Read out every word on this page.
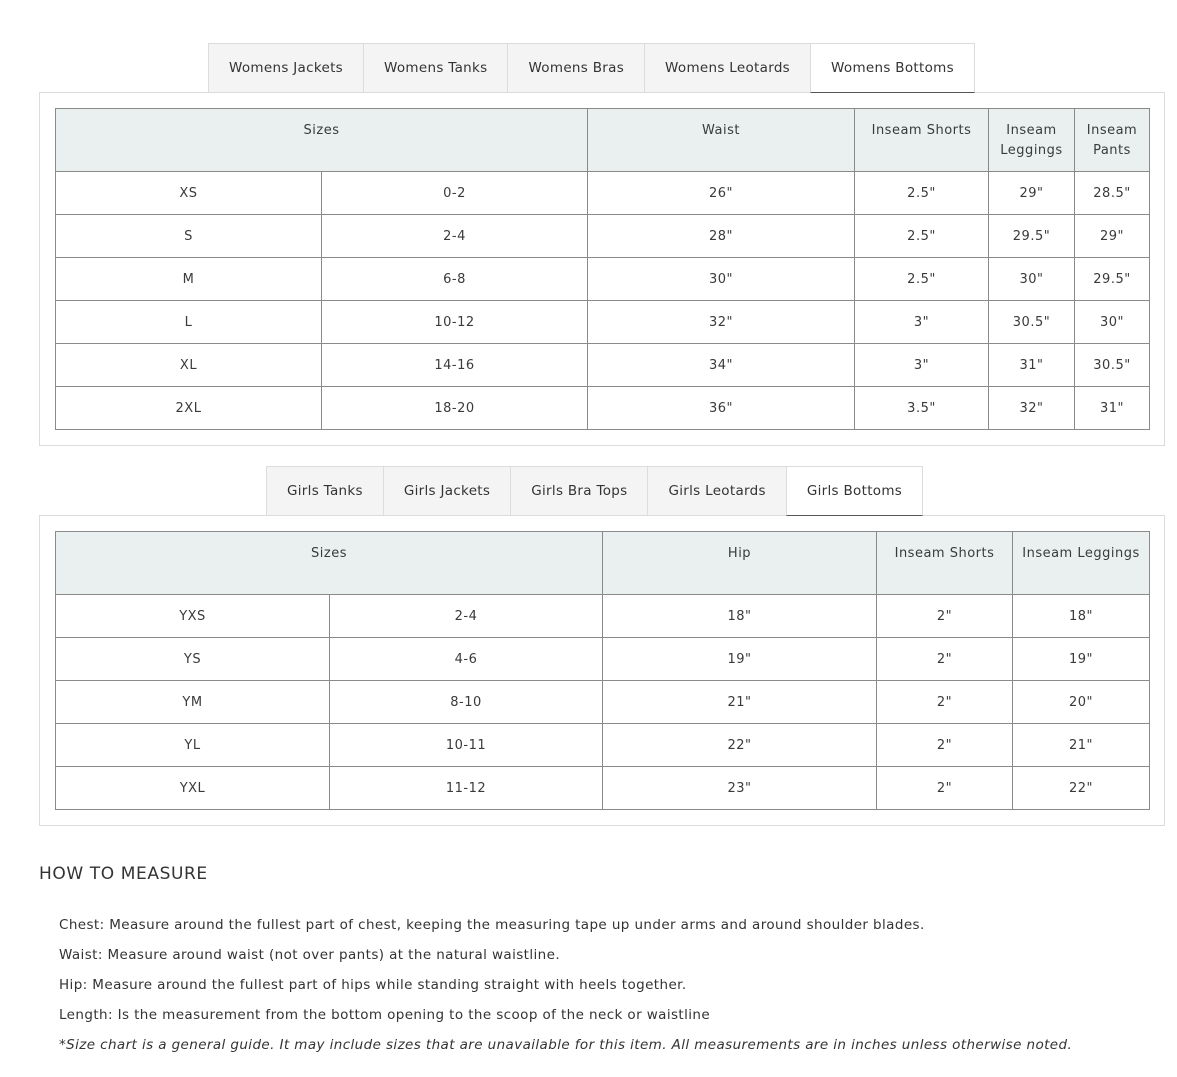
Womens Jackets	Womens Tanks	Womens Bras	Womens Leotards	Womens Bottoms
Sizes		Waist	Inseam Shorts	Inseam Leggings	Inseam Pants
XS	0-2	26"	2.5"	29"	28.5"
S	2-4	28"	2.5"	29.5"	29"
M	6-8	30"	2.5"	30"	29.5"
L	10-12	32"	3"	30.5"	30"
XL	14-16	34"	3"	31"	30.5"
2XL	18-20	36"	3.5"	32"	31"
Girls Tanks	Girls Jackets	Girls Bra Tops	Girls Leotards	Girls Bottoms
Sizes		Hip	Inseam Shorts	Inseam Leggings
YXS	2-4	18"	2"	18"
YS	4-6	19"	2"	19"
YM	8-10	21"	2"	20"
YL	10-11	22"	2"	21"
YXL	11-12	23"	2"	22"
HOW TO MEASURE

Chest: Measure around the fullest part of chest, keeping the measuring tape up under arms and around shoulder blades.

Waist: Measure around waist (not over pants) at the natural waistline.

Hip: Measure around the fullest part of hips while standing straight with heels together.

Length: Is the measurement from the bottom opening to the scoop of the neck or waistline

*Size chart is a general guide. It may include sizes that are unavailable for this item. All measurements are in inches unless otherwise noted.
